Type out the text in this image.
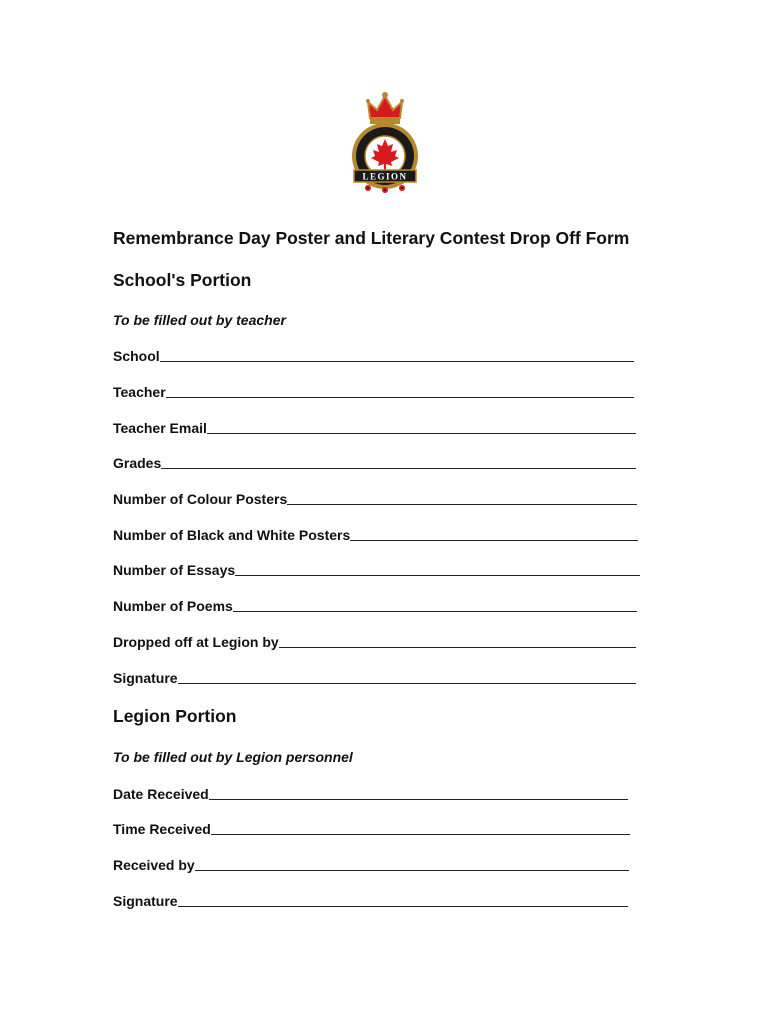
LEGION
Remembrance Day Poster and Literary Contest Drop Off Form
School's Portion

To be filled out by teacher

School
Teacher
Teacher Email
Grades
Number of Colour Posters
Number of Black and White Posters
Number of Essays
Number of Poems
Dropped off at Legion by
Signature
Legion Portion

To be filled out by Legion personnel

Date Received
Time Received
Received by
Signature
